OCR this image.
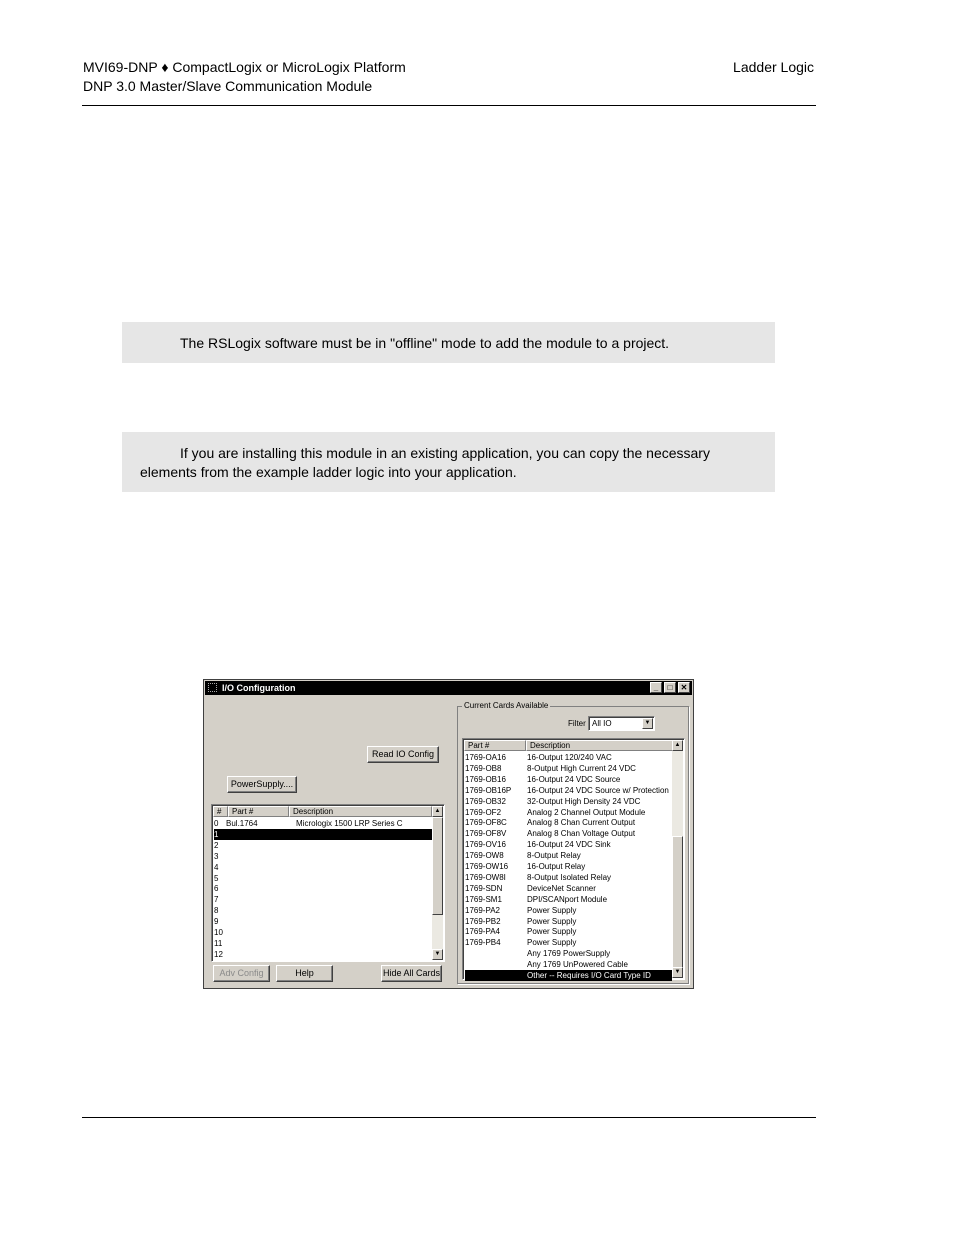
MVI69-DNP ♦ CompactLogix or MicroLogix Platform
DNP 3.0 Master/Slave Communication Module
Ladder Logic

The RSLogix software must be in "offline" mode to add the module to a project.

If you are installing this module in an existing application, you can copy the necessary

elements from the example ladder logic into your application.

I/O Configuration	_	□	✕
Read IO Config
PowerSupply....
#	Part #	Description
0 Bul.1764	Micrologix 1500 LRP Series C
1
2
3
4
5
6
7
8
9
10
11
12
▲
▼
Adv Config	Help	Hide All Cards
Current Cards Available
Filter All IO	▼
Part #	Description
1769-OA16	16-Output 120/240 VAC
1769-OB8	8-Output High Current 24 VDC
1769-OB16	16-Output 24 VDC Source
1769-OB16P 16-Output 24 VDC Source w/ Protection
1769-OB32	32-Output High Density 24 VDC
1769-OF2	Analog 2 Channel Output Module
1769-OF8C	Analog 8 Chan Current Output
1769-OF8V	Analog 8 Chan Voltage Output
1769-OV16	16-Output 24 VDC Sink
1769-OW8	8-Output Relay
1769-OW16 16-Output Relay
1769-OW8I	8-Output Isolated Relay
1769-SDN	DeviceNet Scanner
1769-SM1	DPI/SCANport Module
1769-PA2	Power Supply
1769-PB2	Power Supply
1769-PA4	Power Supply
1769-PB4	Power Supply
Any 1769 PowerSupply
Any 1769 UnPowered Cable
Other -- Requires I/O Card Type ID
▲
▼
